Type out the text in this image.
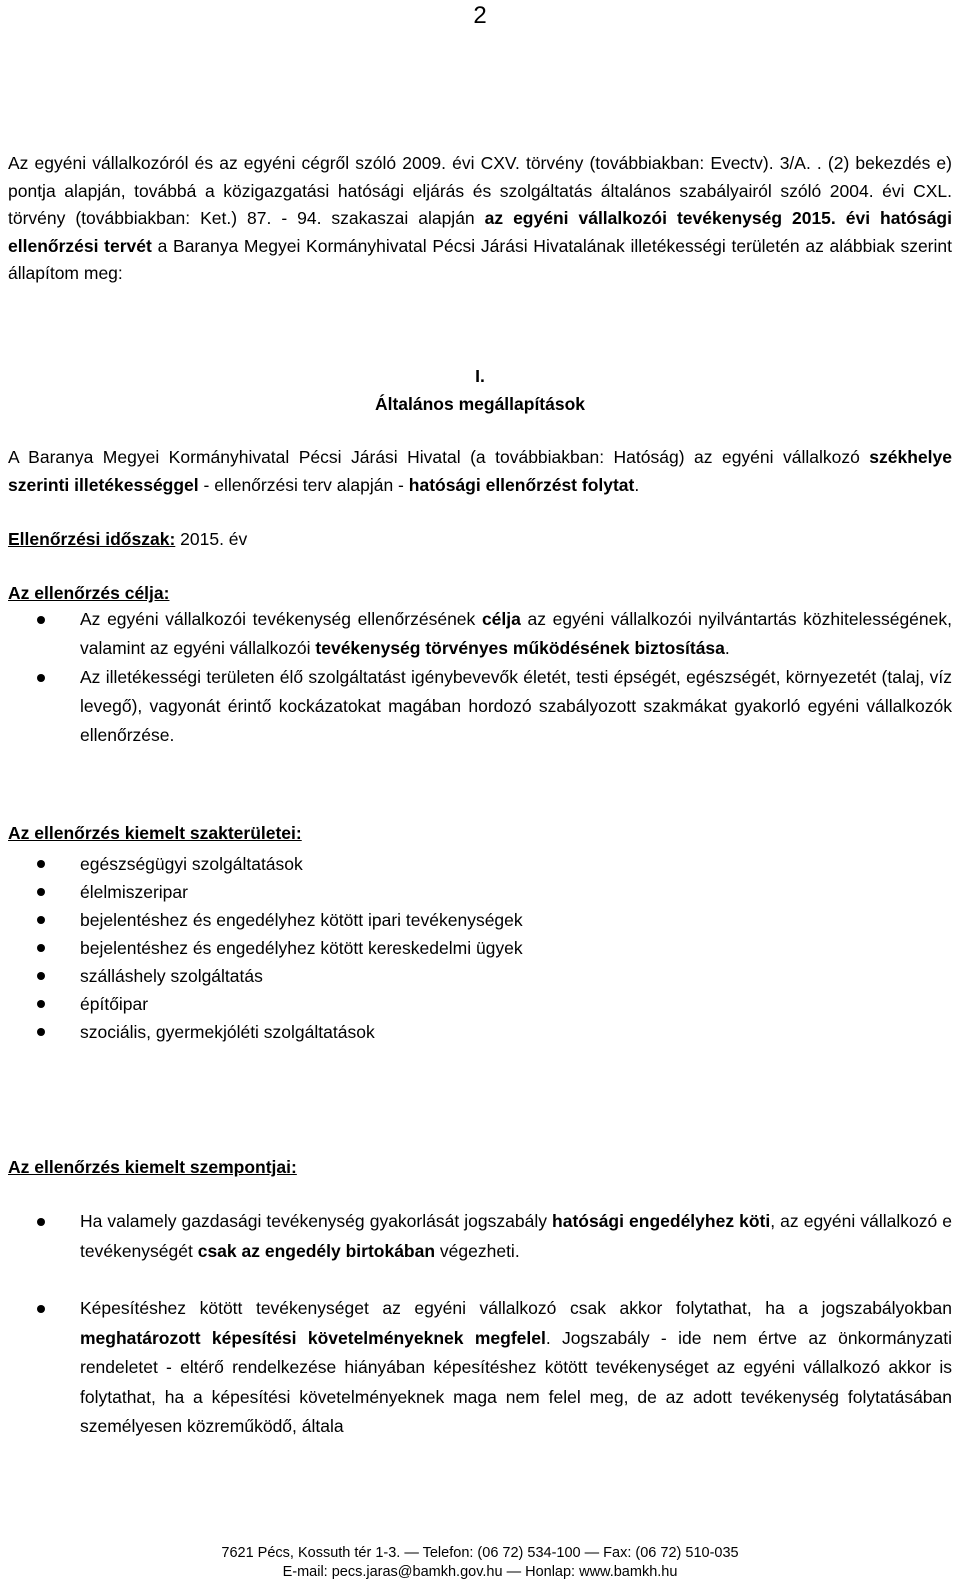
2

Az egyéni vállalkozóról és az egyéni cégről szóló 2009. évi CXV. törvény (továbbiakban: Evectv). 3/A. . (2) bekezdés e) pontja alapján, továbbá a közigazgatási hatósági eljárás és szolgáltatás általános szabályairól szóló 2004. évi CXL. törvény (továbbiakban: Ket.) 87. - 94. szakaszai alapján az egyéni vállalkozói tevékenység 2015. évi hatósági ellenőrzési tervét a Baranya Megyei Kormányhivatal Pécsi Járási Hivatalának illetékességi területén az alábbiak szerint állapítom meg:

I.
Általános megállapítások

A Baranya Megyei Kormányhivatal Pécsi Járási Hivatal (a továbbiakban: Hatóság) az egyéni vállalkozó székhelye szerinti illetékességgel - ellenőrzési terv alapján - hatósági ellenőrzést folytat.

Ellenőrzési időszak: 2015. év

Az ellenőrzés célja:

Az egyéni vállalkozói tevékenység ellenőrzésének célja az egyéni vállalkozói nyilvántartás közhitelességének, valamint az egyéni vállalkozói tevékenység törvényes működésének biztosítása.
Az illetékességi területen élő szolgáltatást igénybevevők életét, testi épségét, egészségét, környezetét (talaj, víz levegő), vagyonát érintő kockázatokat magában hordozó szabályozott szakmákat gyakorló egyéni vállalkozók ellenőrzése.

Az ellenőrzés kiemelt szakterületei:

egészségügyi szolgáltatások
élelmiszeripar
bejelentéshez és engedélyhez kötött ipari tevékenységek
bejelentéshez és engedélyhez kötött kereskedelmi ügyek
szálláshely szolgáltatás
építőipar
szociális, gyermekjóléti szolgáltatások

Az ellenőrzés kiemelt szempontjai:

Ha valamely gazdasági tevékenység gyakorlását jogszabály hatósági engedélyhez köti, az egyéni vállalkozó e tevékenységét csak az engedély birtokában végezheti.
Képesítéshez kötött tevékenységet az egyéni vállalkozó csak akkor folytathat, ha a jogszabályokban meghatározott képesítési követelményeknek megfelel. Jogszabály - ide nem értve az önkormányzati rendeletet - eltérő rendelkezése hiányában képesítéshez kötött tevékenységet az egyéni vállalkozó akkor is folytathat, ha a képesítési követelményeknek maga nem felel meg, de az adott tevékenység folytatásában személyesen közreműködő, általa
7621 Pécs, Kossuth tér 1-3. — Telefon: (06 72) 534-100 — Fax: (06 72) 510-035
E-mail: pecs.jaras@bamkh.gov.hu — Honlap: www.bamkh.hu
